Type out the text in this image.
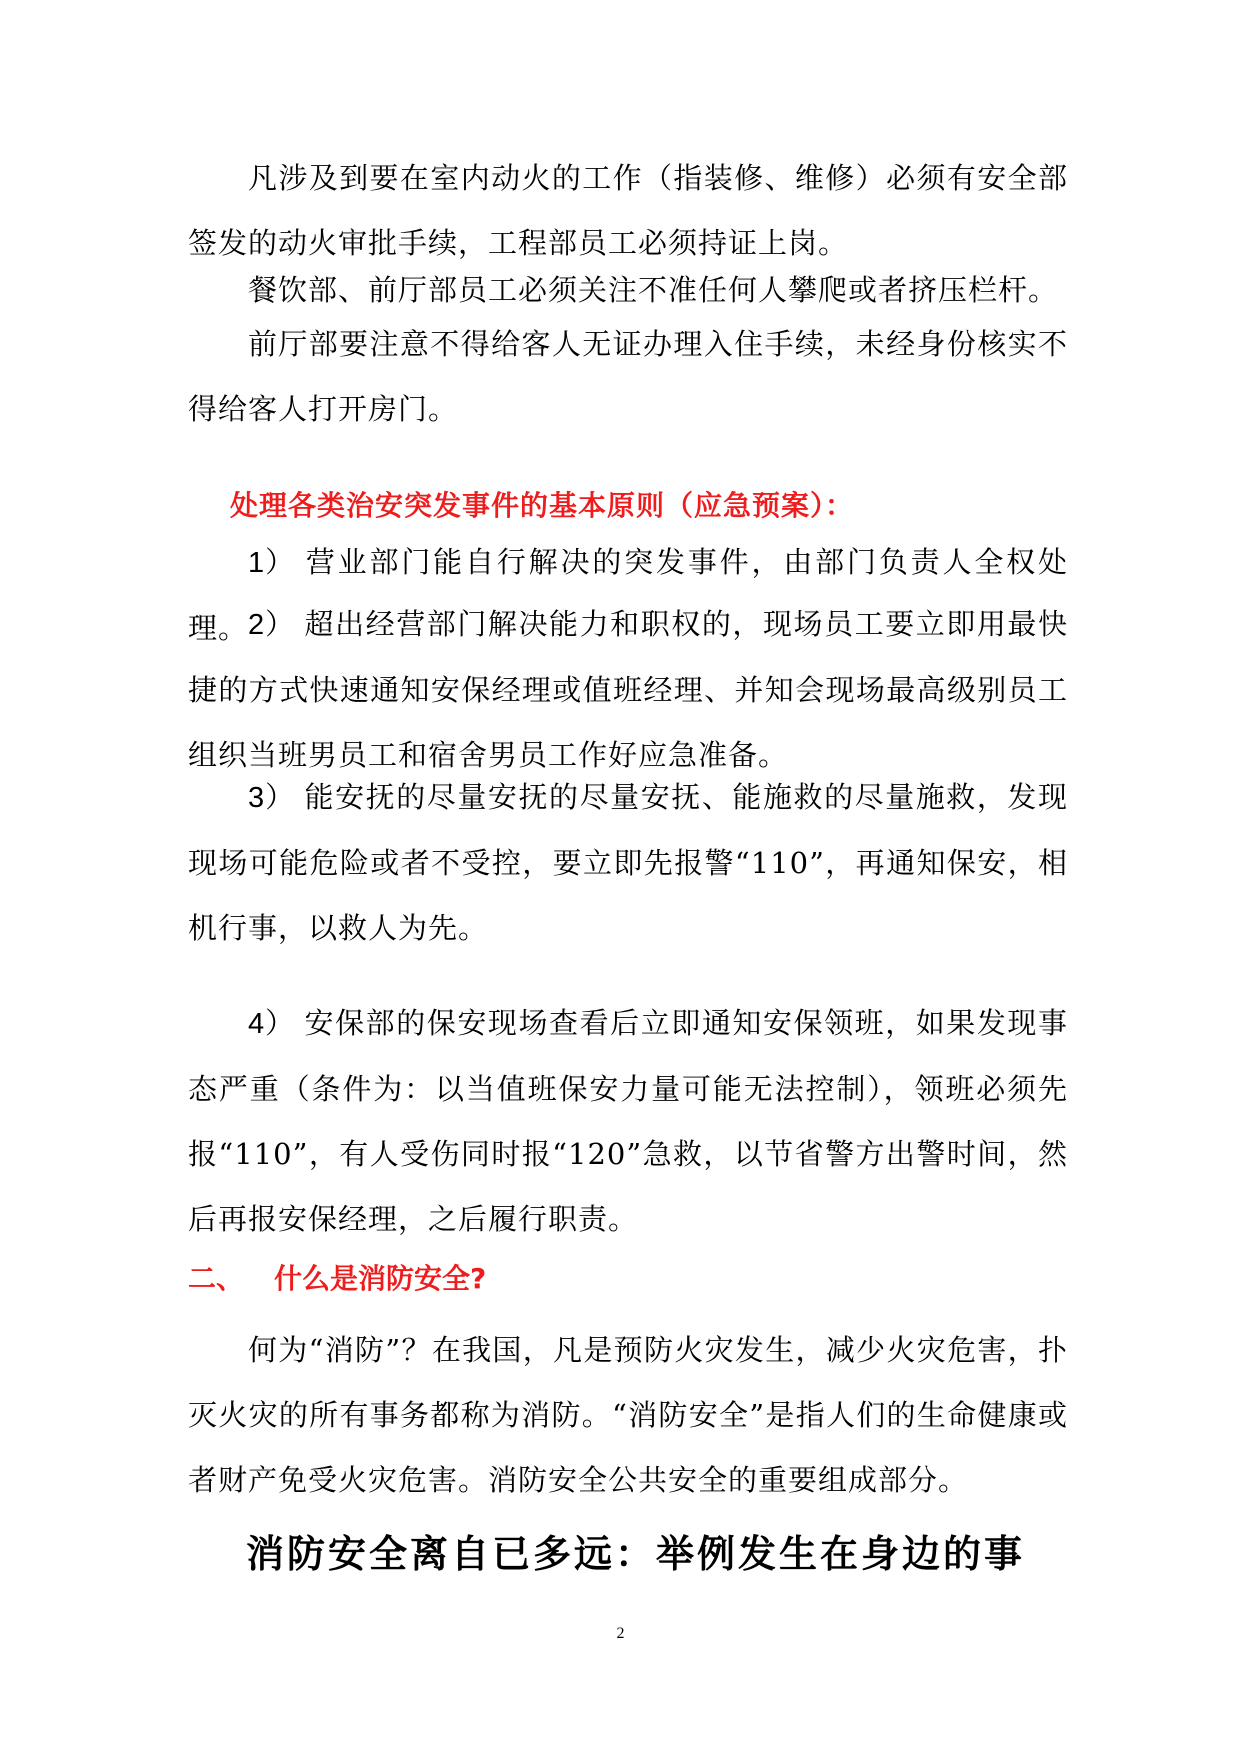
凡涉及到要在室内动火的工作（指装修、维修）必须有安全部签发的动火审批手续，工程部员工必须持证上岗。

餐饮部、前厅部员工必须关注不准任何人攀爬或者挤压栏杆。

前厅部要注意不得给客人无证办理入住手续，未经身份核实不得给客人打开房门。

处理各类治安突发事件的基本原则（应急预案）：

1） 营业部门能自行解决的突发事件，由部门负责人全权处理。 2） 超出经营部门解决能力和职权的，现场员工要立即用最快捷的方式快速通知安保经理或值班经理、并知会现场最高级别员工组织当班男员工和宿舍男员工作好应急准备。

3） 能安抚的尽量安抚的尽量安抚、能施救的尽量施救，发现现场可能危险或者不受控，要立即先报警“110”，再通知保安，相机行事，以救人为先。

4） 安保部的保安现场查看后立即通知安保领班，如果发现事态严重（条件为：以当值班保安力量可能无法控制），领班必须先报“110”，有人受伤同时报“120”急救，以节省警方出警时间，然后再报安保经理，之后履行职责。

二、 什么是消防安全?

何为“消防”？在我国，凡是预防火灾发生，减少火灾危害，扑灭火灾的所有事务都称为消防。“消防安全”是指人们的生命健康或者财产免受火灾危害。消防安全公共安全的重要组成部分。

消防安全离自已多远：举例发生在身边的事

2
